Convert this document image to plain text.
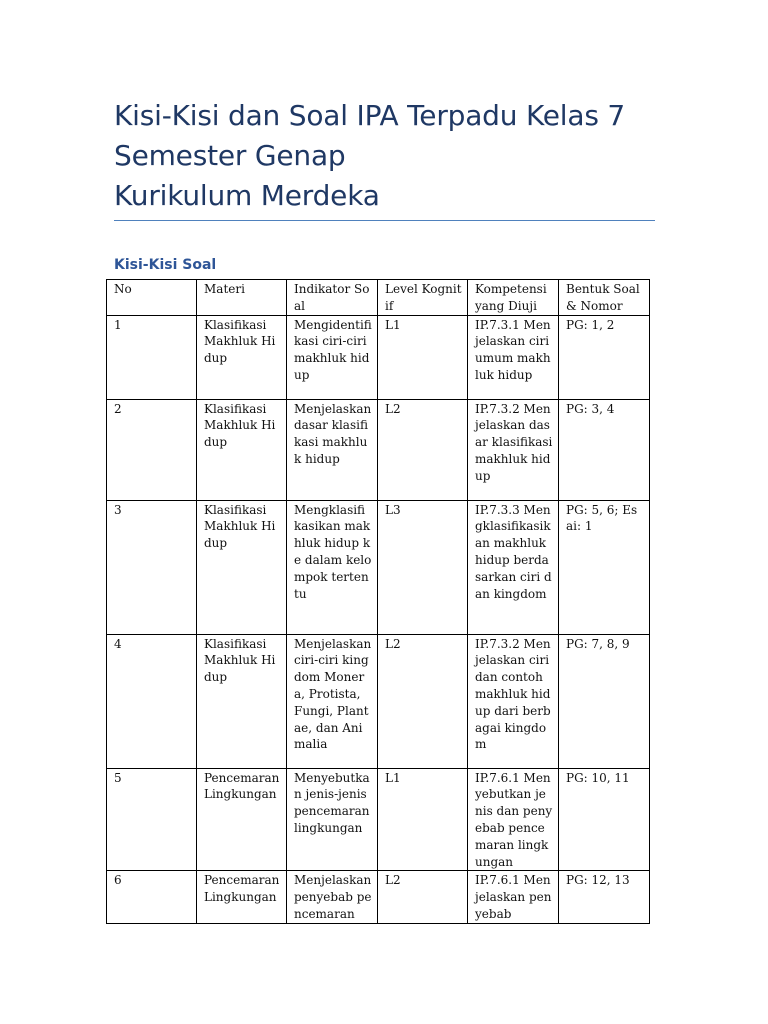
Kisi-Kisi dan Soal IPA Terpadu Kelas 7
Semester Genap
Kurikulum Merdeka
Kisi-Kisi Soal
No	Materi	Indikator Soal	Level Kognitif	Kompetensi yang Diuji	Bentuk Soal & Nomor
1	Klasifikasi Makhluk Hidup	Mengidentifikasi ciri-ciri makhluk hidup	L1	IP.7.3.1 Menjelaskan ciri umum makhluk hidup	PG: 1, 2
2	Klasifikasi Makhluk Hidup	Menjelaskan dasar klasifikasi makhluk hidup	L2	IP.7.3.2 Menjelaskan dasar klasifikasi makhluk hidup	PG: 3, 4
3	Klasifikasi Makhluk Hidup	Mengklasifikasikan makhluk hidup ke dalam kelompok tertentu	L3	IP.7.3.3 Mengklasifikasikan makhluk hidup berdasarkan ciri dan kingdom	PG: 5, 6; Esai: 1
4	Klasifikasi Makhluk Hidup	Menjelaskan ciri-ciri kingdom Monera, Protista, Fungi, Plantae, dan Animalia	L2	IP.7.3.2 Menjelaskan ciri dan contoh makhluk hidup dari berbagai kingdom	PG: 7, 8, 9
5	Pencemaran Lingkungan	Menyebutkan jenis-jenis pencemaran lingkungan	L1	IP.7.6.1 Menyebutkan jenis dan penyebab pencemaran lingkungan	PG: 10, 11
6	Pencemaran Lingkungan	Menjelaskan penyebab pencemaran	L2	IP.7.6.1 Menjelaskan penyebab	PG: 12, 13
